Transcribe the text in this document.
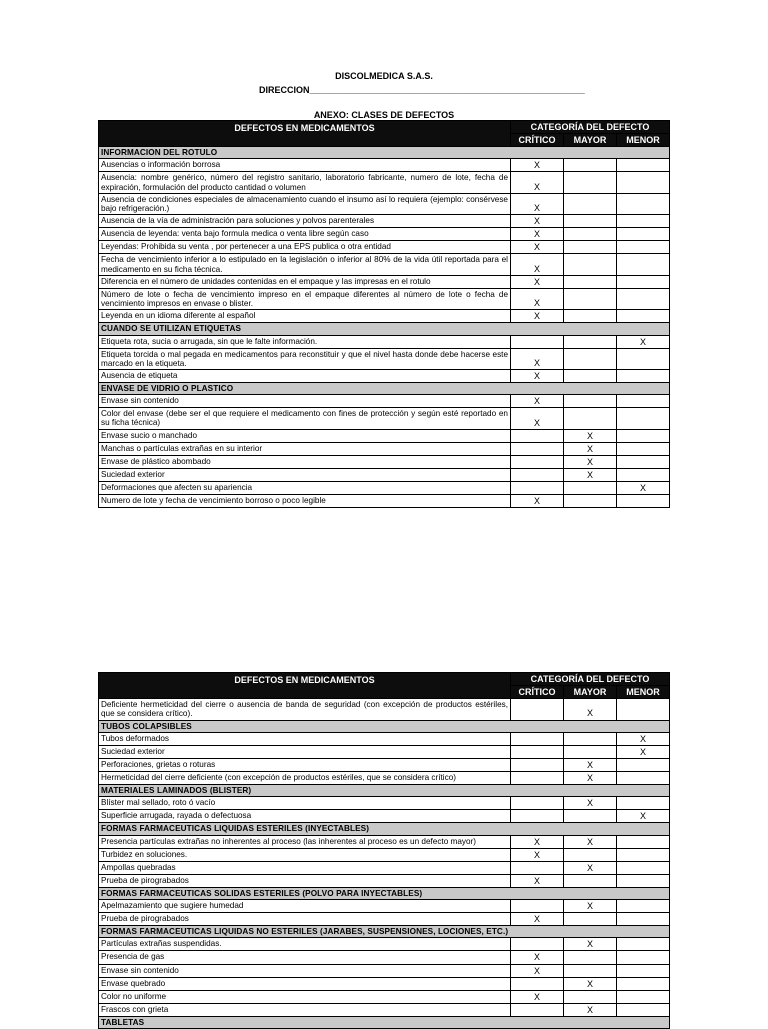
DISCOLMEDICA S.A.S.
DIRECCION_______________________________________________________
ANEXO: CLASES DE DEFECTOS
DEFECTOS EN MEDICAMENTOS	CATEGORÍA DEL DEFECTO		
	CRÍTICO	MAYOR	MENOR
INFORMACION DEL ROTULO			
Ausencias o información borrosa	X		
Ausencia: nombre genérico, número del registro sanitario, laboratorio fabricante, numero de lote, fecha de expiración, formulación del producto cantidad o volumen	X		
Ausencia de condiciones especiales de almacenamiento cuando el insumo así lo requiera (ejemplo: consérvese bajo refrigeración.)	X		
Ausencia de la vía de administración para soluciones y polvos parenterales	X		
Ausencia de leyenda: venta bajo formula medica o venta libre según caso	X		
Leyendas: Prohibida su venta , por pertenecer a una EPS publica o otra entidad	X		
Fecha de vencimiento inferior a lo estipulado en la legislación o inferior al 80% de la vida útil reportada para el medicamento en su ficha técnica.	X		
Diferencia en el número de unidades contenidas en el empaque y las impresas en el rotulo	X		
Número de lote o fecha de vencimiento impreso en el empaque diferentes al número de lote o fecha de vencimiento impresos en envase o blister.	X		
Leyenda en un idioma diferente al español	X		
CUANDO SE UTILIZAN ETIQUETAS			
Etiqueta rota, sucia o arrugada, sin que le falte información.			X
Etiqueta torcida o mal pegada en medicamentos para reconstituir y que el nivel hasta donde debe hacerse este marcado en la etiqueta.	X		
Ausencia de etiqueta	X		
ENVASE DE VIDRIO O PLASTICO			
Envase sin contenido	X		
Color del envase (debe ser el que requiere el medicamento con fines de protección y según esté reportado en su ficha técnica)	X		
Envase sucio o manchado		X	
Manchas o partículas extrañas en su interior		X	
Envase de plástico abombado		X	
Suciedad exterior		X	
Deformaciones que afecten su apariencia			X
Numero de lote y fecha de vencimiento borroso o poco legible	X		
DEFECTOS EN MEDICAMENTOS	CATEGORÍA DEL DEFECTO		
	CRÍTICO	MAYOR	MENOR
Deficiente hermeticidad del cierre o ausencia de banda de seguridad (con excepción de productos estériles, que se considera crítico).		X	
TUBOS COLAPSIBLES			
Tubos deformados			X
Suciedad exterior			X
Perforaciones, grietas o roturas		X	
Hermeticidad del cierre deficiente (con excepción de productos estériles, que se considera crítico)		X	
MATERIALES LAMINADOS (BLISTER)			
Blíster mal sellado, roto ó vacío		X	
Superficie arrugada, rayada o defectuosa			X
FORMAS FARMACEUTICAS LIQUIDAS ESTERILES (INYECTABLES)			
Presencia partículas extrañas no inherentes al proceso (las inherentes al proceso es un defecto mayor)	X	X	
Turbidez en soluciones.	X		
Ampollas quebradas		X	
Prueba de pirograbados	X		
FORMAS FARMACEUTICAS SOLIDAS ESTERILES (POLVO PARA INYECTABLES)			
Apelmazamiento que sugiere humedad		X	
Prueba de pirograbados	X		
FORMAS FARMACEUTICAS LIQUIDAS NO ESTERILES (JARABES, SUSPENSIONES, LOCIONES, ETC.)			
Partículas extrañas suspendidas.		X	
Presencia de gas	X		
Envase sin contenido	X		
Envase quebrado		X	
Color no uniforme	X		
Frascos con grieta		X	
TABLETAS			
